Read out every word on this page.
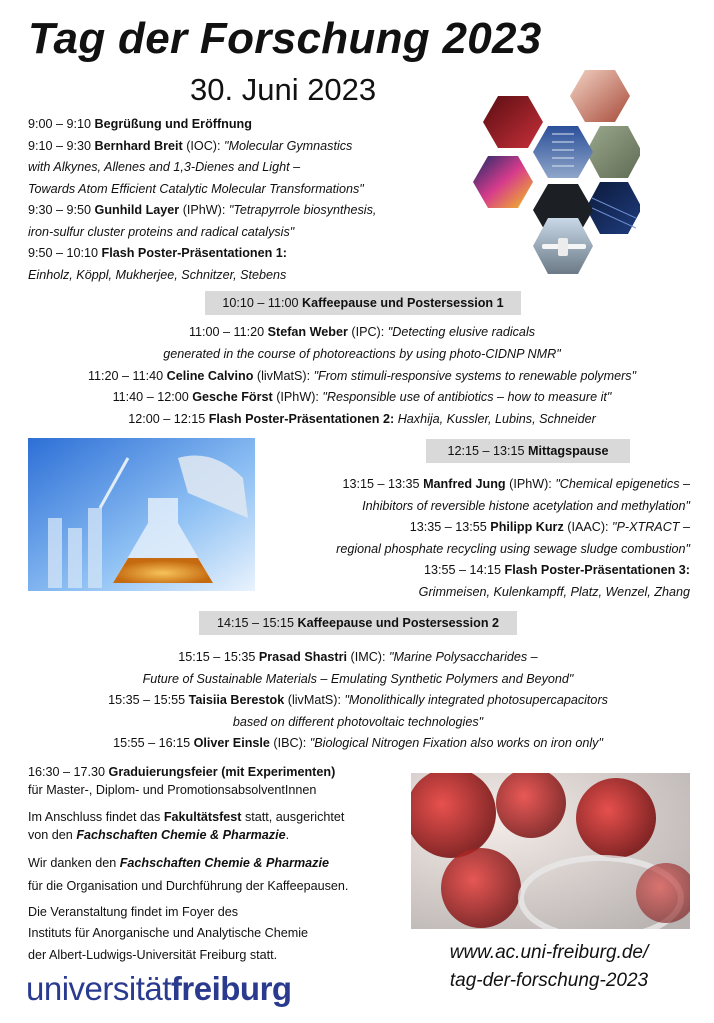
Tag der Forschung 2023
30. Juni 2023
9:00 – 9:10 Begrüßung und Eröffnung
9:10 – 9:30 Bernhard Breit (IOC): "Molecular Gymnastics
with Alkynes, Allenes and 1,3-Dienes and Light –
Towards Atom Efficient Catalytic Molecular Transformations"
9:30 – 9:50 Gunhild Layer (IPhW): "Tetrapyrrole biosynthesis,
iron-sulfur cluster proteins and radical catalysis"
9:50 – 10:10 Flash Poster-Präsentationen 1:
Einholz, Köppl, Mukherjee, Schnitzer, Stebens
10:10 – 11:00 Kaffeepause und Postersession 1
11:00 – 11:20 Stefan Weber (IPC): "Detecting elusive radicals
generated in the course of photoreactions by using photo-CIDNP NMR"
11:20 – 11:40 Celine Calvino (livMatS): "From stimuli-responsive systems to renewable polymers"
11:40 – 12:00 Gesche Först (IPhW): "Responsible use of antibiotics – how to measure it"
12:00 – 12:15 Flash Poster-Präsentationen 2: Haxhija, Kussler, Lubins, Schneider
12:15 – 13:15 Mittagspause
13:15 – 13:35 Manfred Jung (IPhW): "Chemical epigenetics –
Inhibitors of reversible histone acetylation and methylation"
13:35 – 13:55 Philipp Kurz (IAAC): "P-XTRACT –
regional phosphate recycling using sewage sludge combustion"
13:55 – 14:15 Flash Poster-Präsentationen 3:
Grimmeisen, Kulenkampff, Platz, Wenzel, Zhang
14:15 – 15:15 Kaffeepause und Postersession 2
15:15 – 15:35 Prasad Shastri (IMC): "Marine Polysaccharides –
Future of Sustainable Materials – Emulating Synthetic Polymers and Beyond"
15:35 – 15:55 Taisiia Berestok (livMatS): "Monolithically integrated photosupercapacitors
based on different photovoltaic technologies"
15:55 – 16:15 Oliver Einsle (IBC): "Biological Nitrogen Fixation also works on iron only"
16:30 – 17.30 Graduierungsfeier (mit Experimenten)
für Master-, Diplom- und PromotionsabsolventInnen
Im Anschluss findet das Fakultätsfest statt, ausgerichtet
von den Fachschaften Chemie & Pharmazie.
Wir danken den Fachschaften Chemie & Pharmazie
für die Organisation und Durchführung der Kaffeepausen.
Die Veranstaltung findet im Foyer des
Instituts für Anorganische und Analytische Chemie
der Albert-Ludwigs-Universität Freiburg statt.	www.ac.uni-freiburg.de/
tag-der-forschung-2023
universitätfreiburg
